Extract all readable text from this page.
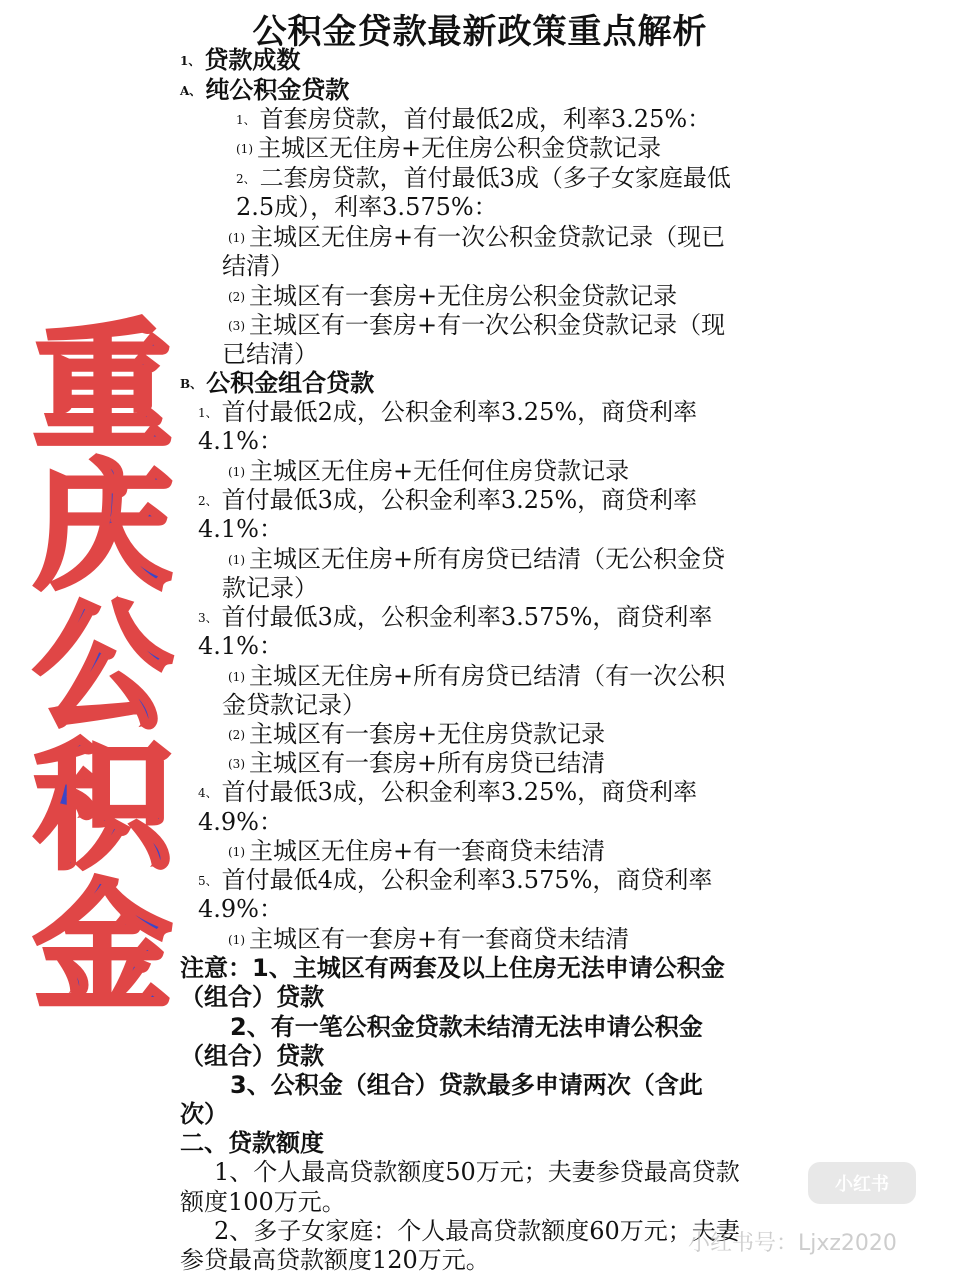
公积金贷款最新政策重点解析
重
庆
公
积
金
1、 贷款成数
A、 纯公积金贷款
1、 首套房贷款，首付最低2成，利率3.25%：
(1) 主城区无住房+无住房公积金贷款记录
2、 二套房贷款，首付最低3成（多子女家庭最低
2.5成），利率3.575%：
(1) 主城区无住房+有一次公积金贷款记录（现已
结清）
(2) 主城区有一套房+无住房公积金贷款记录
(3) 主城区有一套房+有一次公积金贷款记录（现
已结清）
B、 公积金组合贷款
1、 首付最低2成，公积金利率3.25%，商贷利率
4.1%：
(1) 主城区无住房+无任何住房贷款记录
2、 首付最低3成，公积金利率3.25%，商贷利率
4.1%：
(1) 主城区无住房+所有房贷已结清（无公积金贷
款记录）
3、 首付最低3成，公积金利率3.575%，商贷利率
4.1%：
(1) 主城区无住房+所有房贷已结清（有一次公积
金贷款记录）
(2) 主城区有一套房+无住房贷款记录
(3) 主城区有一套房+所有房贷已结清
4、 首付最低3成，公积金利率3.25%，商贷利率
4.9%：
(1) 主城区无住房+有一套商贷未结清
5、 首付最低4成，公积金利率3.575%，商贷利率
4.9%：
(1) 主城区有一套房+有一套商贷未结清
注意：1、主城区有两套及以上住房无法申请公积金
（组合）贷款
2、有一笔公积金贷款未结清无法申请公积金
（组合）贷款
3、公积金（组合）贷款最多申请两次（含此
次）
二、贷款额度
1、个人最高贷款额度50万元；夫妻参贷最高贷款
额度100万元。
2、多子女家庭：个人最高贷款额度60万元；夫妻
参贷最高贷款额度120万元。
小红书
小红书号：Ljxz2020
